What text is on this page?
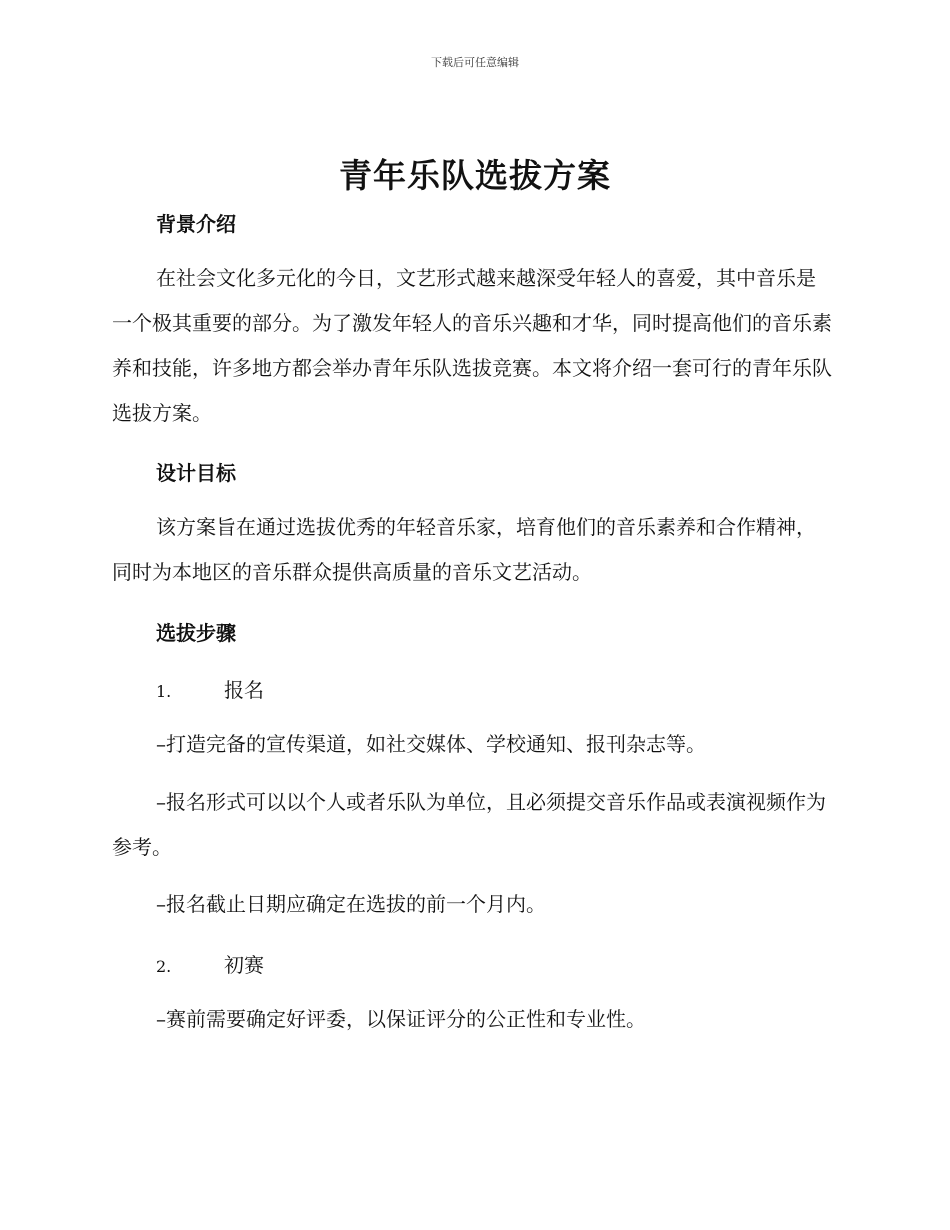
下载后可任意编辑
青年乐队选拔方案
背景介绍

在社会文化多元化的今日，文艺形式越来越深受年轻人的喜爱，其中音乐是一个极其重要的部分。为了激发年轻人的音乐兴趣和才华，同时提高他们的音乐素养和技能，许多地方都会举办青年乐队选拔竞赛。本文将介绍一套可行的青年乐队选拔方案。

设计目标

该方案旨在通过选拔优秀的年轻音乐家，培育他们的音乐素养和合作精神，同时为本地区的音乐群众提供高质量的音乐文艺活动。

选拔步骤
1.	报名

–打造完备的宣传渠道，如社交媒体、学校通知、报刊杂志等。

–报名形式可以以个人或者乐队为单位，且必须提交音乐作品或表演视频作为参考。

–报名截止日期应确定在选拔的前一个月内。

2.	初赛

–赛前需要确定好评委，以保证评分的公正性和专业性。
